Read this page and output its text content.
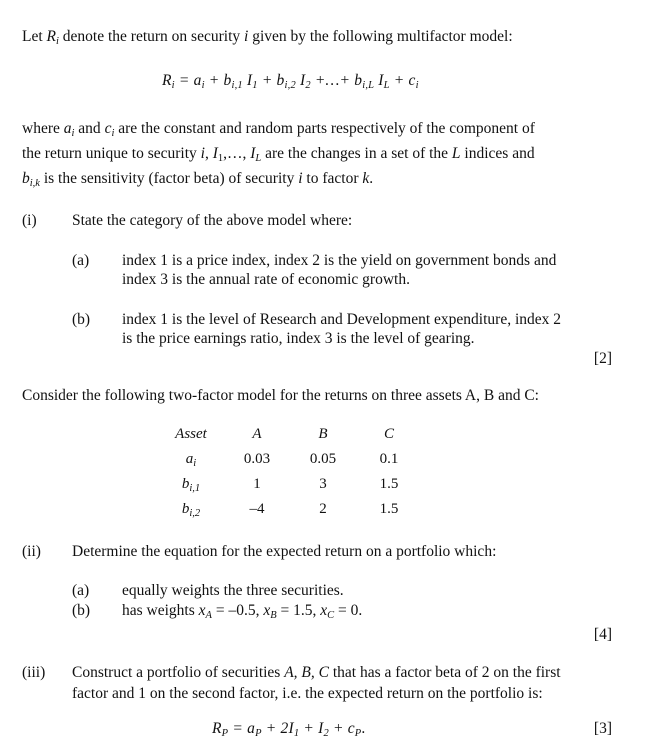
Let $R_i$ denote the return on security i given by the following multifactor model:
$R_i = a_i + b_{i,1}$ $I_1 + b_{i,2}$ $I_2$ +…+ $b_{i,L}$ $I_L + c_i$
where $a_i$ and $c_i$ are the constant and random parts respectively of the component of
the return unique to security i, $I_1,\dots$, $I_L$ are the changes in a set of the L indices and
$b_{i,k}$ is the sensitivity (factor beta) of security i to factor k.
(i) State the category of the above model where:
(a) index 1 is a price index, index 2 is the yield on government bonds and
index 3 is the annual rate of economic growth.
(b) index 1 is the level of Research and Development expenditure, index 2
is the price earnings ratio, index 3 is the level of gearing.
[2]
Consider the following two-factor model for the returns on three assets A, B and C:
Asset	A	B	C
$a_i$	0.03	0.05	0.1
$b_{i,1}$	1	3	1.5
$b_{i,2}$	–4	2	1.5
(ii) Determine the equation for the expected return on a portfolio which:
(a) equally weights the three securities.
(b) has weights $x_A = -0.5$, $x_B = 1.5$, $x_C = 0$.
[4]
(iii) Construct a portfolio of securities A, B, C that has a factor beta of 2 on the first
factor and 1 on the second factor, i.e. the expected return on the portfolio is:
$R_P = a_P + 2I_1 + I_2 + c_P$.	[3]
